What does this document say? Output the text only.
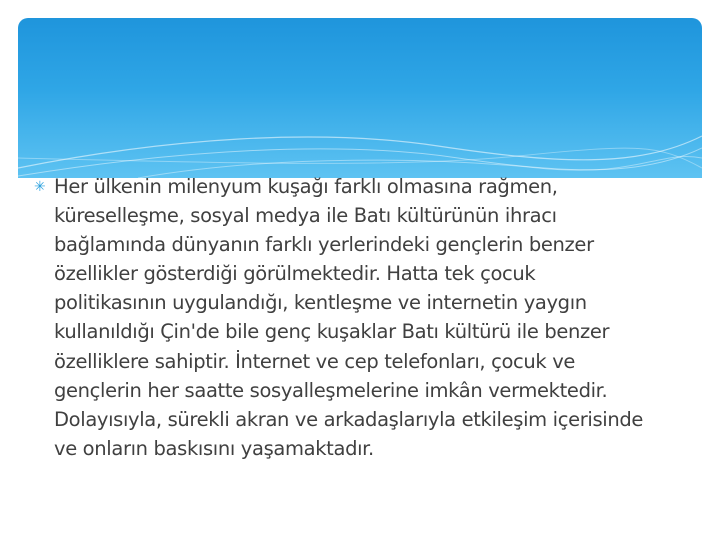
✳ Her ülkenin milenyum kuşağı farklı olmasına rağmen,
küreselleşme, sosyal medya ile Batı kültürünün ihracı
bağlamında dünyanın farklı yerlerindeki gençlerin benzer
özellikler gösterdiği görülmektedir. Hatta tek çocuk
politikasının uygulandığı, kentleşme ve internetin yaygın
kullanıldığı Çin'de bile genç kuşaklar Batı kültürü ile benzer
özelliklere sahiptir. İnternet ve cep telefonları, çocuk ve
gençlerin her saatte sosyalleşmelerine imkân vermektedir.
Dolayısıyla, sürekli akran ve arkadaşlarıyla etkileşim içerisinde
ve onların baskısını yaşamaktadır.
